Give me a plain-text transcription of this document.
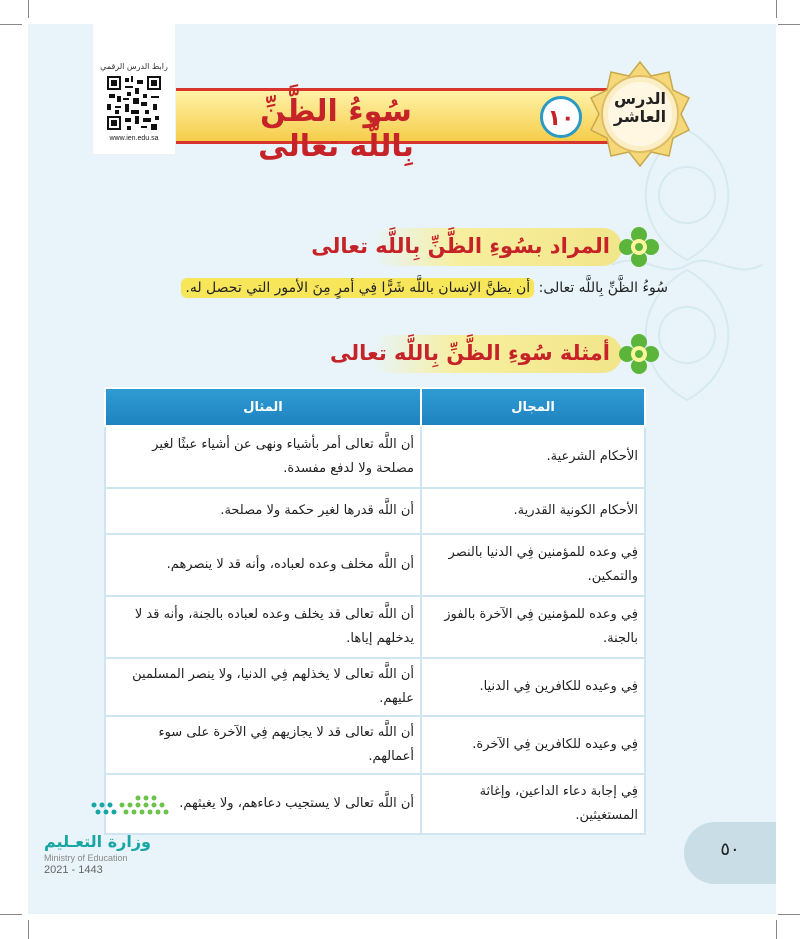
رابط الدرس الرقمي
www.ien.edu.sa
سُوءُ الظَّنِّ بِاللَّه تعالى
١٠
الدرس
العاشر
المراد بسُوءِ الظَّنِّ بِاللَّه تعالى
سُوءُ الظَّنِّ بِاللَّه تعالى: أن يظنَّ الإنسان باللَّه شَرًّا فِي أمرٍ مِنَ الأمور التي تحصل له.
أمثلة سُوءِ الظَّنِّ بِاللَّه تعالى
المجال	المثال
الأحكام الشرعية.	أن اللَّه تعالى أمر بأشياء ونهى عن أشياء عبثًا لغير مصلحة ولا لدفع مفسدة.
الأحكام الكونية القدرية.	أن اللَّه قدرها لغير حكمة ولا مصلحة.
فِي وعده للمؤمنين فِي الدنيا بالنصر والتمكين.	أن اللَّه مخلف وعده لعباده، وأنه قد لا ينصرهم.
فِي وعده للمؤمنين فِي الآخرة بالفوز بالجنة.	أن اللَّه تعالى قد يخلف وعده لعباده بالجنة، وأنه قد لا يدخلهم إياها.
فِي وعيده للكافرين فِي الدنيا.	أن اللَّه تعالى لا يخذلهم فِي الدنيا، ولا ينصر المسلمين عليهم.
فِي وعيده للكافرين فِي الآخرة.	أن اللَّه تعالى قد لا يجازيهم فِي الآخرة على سوء أعمالهم.
فِي إجابة دعاء الداعين، وإغاثة المستغيثين.	أن اللَّه تعالى لا يستجيب دعاءهم، ولا يغيثهم.
٥٠
وزارة التعـليم
Ministry of Education
2021 - 1443
